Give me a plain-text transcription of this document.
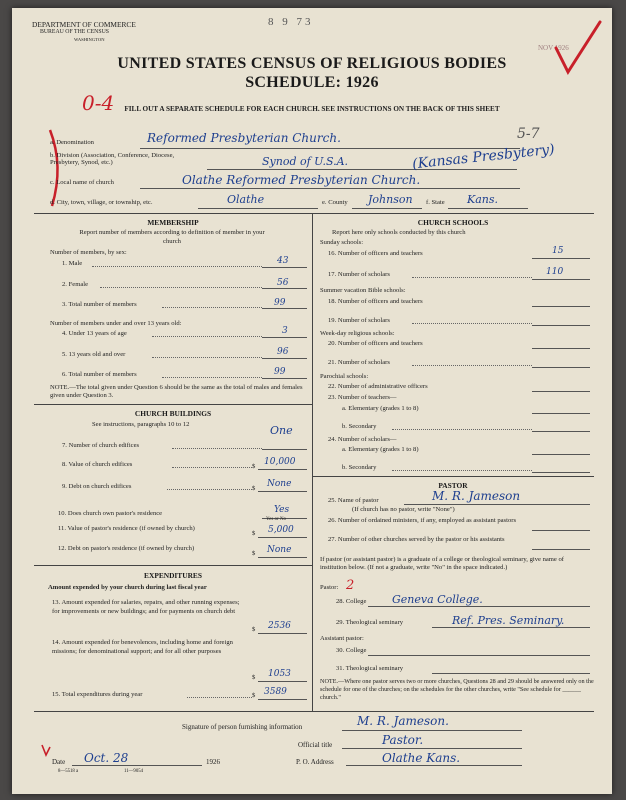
DEPARTMENT OF COMMERCE
BUREAU OF THE CENSUS
WASHINGTON
8 9 73
NOV 1926
UNITED STATES CENSUS OF RELIGIOUS BODIES
SCHEDULE: 1926
0-4	FILL OUT A SEPARATE SCHEDULE FOR EACH CHURCH. SEE INSTRUCTIONS ON THE BACK OF THIS SHEET
a. Denomination	Reformed Presbyterian Church.	5-7
b. Division (Association, Conference, Diocese, Presbytery, Synod, etc.)	Synod of U.S.A.	(Kansas Presbytery)
c. Local name of church	Olathe Reformed Presbyterian Church.
d. City, town, village, or township, etc.	Olathe	e. County Johnson f. State Kans.
MEMBERSHIP
Report number of members according to definition of member in your church
Number of members, by sex:
1. Male	43
2. Female	56
3. Total number of members	99
Number of members under and over 13 years old:
4. Under 13 years of age	3
5. 13 years old and over	96
6. Total number of members	99
NOTE.—The total given under Question 6 should be the same as the total of males and females given under Question 3.
CHURCH BUILDINGS
See instructions, paragraphs 10 to 12
7. Number of church edifices
One
8. Value of church edifices	$ 10,000
9. Debt on church edifices	$ None
10. Does church own pastor's residence	Yes
Yes or No
11. Value of pastor's residence (if owned by church)
$ 5,000
12. Debt on pastor's residence (if owned by church)
$ None
EXPENDITURES
Amount expended by your church during last fiscal year
13. Amount expended for salaries, repairs, and other running expenses; for improvements or new buildings; and for payments on church debt
$ 2536
14. Amount expended for benevolences, including home and foreign missions; for denominational support; and for all other purposes
$ 1053
15. Total expenditures during year	$ 3589
CHURCH SCHOOLS
Report here only schools conducted by this church
Sunday schools:
16. Number of officers and teachers	15
17. Number of scholars	110
Summer vacation Bible schools:
18. Number of officers and teachers
19. Number of scholars
Week-day religious schools:
20. Number of officers and teachers
21. Number of scholars
Parochial schools:
22. Number of administrative officers
23. Number of teachers—
a. Elementary (grades 1 to 8)
b. Secondary
24. Number of scholars—
a. Elementary (grades 1 to 8)
b. Secondary
PASTOR
25. Name of pastor	M. R. Jameson
(If church has no pastor, write "None")
26. Number of ordained ministers, if any, employed as assistant pastors
27. Number of other churches served by the pastor or his assistants
If pastor (or assistant pastor) is a graduate of a college or theological seminary, give name of institution below. (If not a graduate, write "No" in the space indicated.)
Pastor: 2
28. College Geneva College.
29. Theological seminary	Ref. Pres. Seminary.
Assistant pastor:
30. College
31. Theological seminary
NOTE.—Where one pastor serves two or more churches, Questions 28 and 29 should be answered only on the schedule for one of the churches; on the schedules for the other churches, write "See schedule for ______ church."
Signature of person furnishing information	M. R. Jameson.
Official title	Pastor.
Date Oct. 28	1926	P. O. Address	Olathe Kans.
8—5518 a	11—9054
